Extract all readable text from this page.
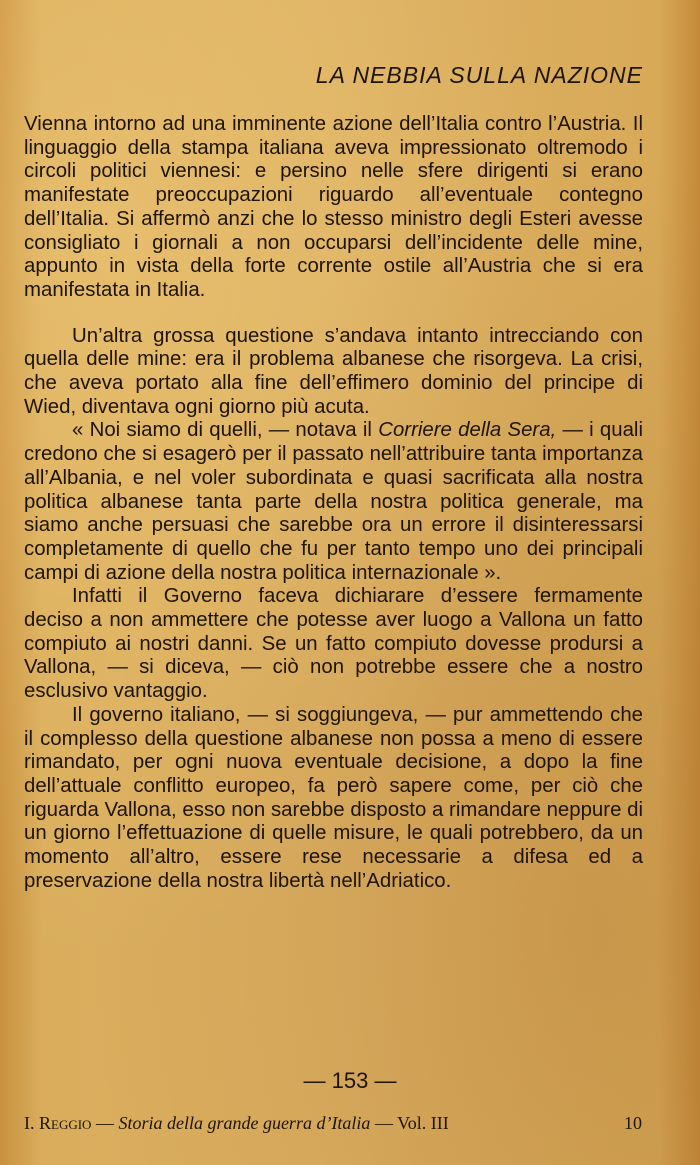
LA NEBBIA SULLA NAZIONE

Vienna intorno ad una imminente azione dell’Italia contro l’Austria. Il linguaggio della stampa italiana aveva impressionato oltremodo i circoli politici viennesi: e persino nelle sfere dirigenti si erano manifestate preoccupazioni riguardo all’eventuale contegno dell’Italia. Si affermò anzi che lo stesso ministro degli Esteri avesse consigliato i giornali a non occuparsi dell’incidente delle mine, appunto in vista della forte corrente ostile all’Austria che si era manifestata in Italia.

Un’altra grossa questione s’andava intanto intrecciando con quella delle mine: era il problema albanese che risorgeva. La crisi, che aveva portato alla fine dell’effimero dominio del principe di Wied, diventava ogni giorno più acuta.

« Noi siamo di quelli, — notava il Corriere della Sera, — i quali credono che si esagerò per il passato nell’attribuire tanta importanza all’Albania, e nel voler subordinata e quasi sacrificata alla nostra politica albanese tanta parte della nostra politica generale, ma siamo anche persuasi che sarebbe ora un errore il disinteressarsi completamente di quello che fu per tanto tempo uno dei principali campi di azione della nostra politica internazionale ».

Infatti il Governo faceva dichiarare d’essere fermamente deciso a non ammettere che potesse aver luogo a Vallona un fatto compiuto ai nostri danni. Se un fatto compiuto dovesse prodursi a Vallona, — si diceva, — ciò non potrebbe essere che a nostro esclusivo vantaggio.

Il governo italiano, — si soggiungeva, — pur ammettendo che il complesso della questione albanese non possa a meno di essere rimandato, per ogni nuova eventuale decisione, a dopo la fine dell’attuale conflitto europeo, fa però sapere come, per ciò che riguarda Vallona, esso non sarebbe disposto a rimandare neppure di un giorno l’effettuazione di quelle misure, le quali potrebbero, da un momento all’altro, essere rese necessarie a difesa ed a preservazione della nostra libertà nell’Adriatico.

— 153 —
I. Reggio — Storia della grande guerra d’Italia — Vol. III	10
